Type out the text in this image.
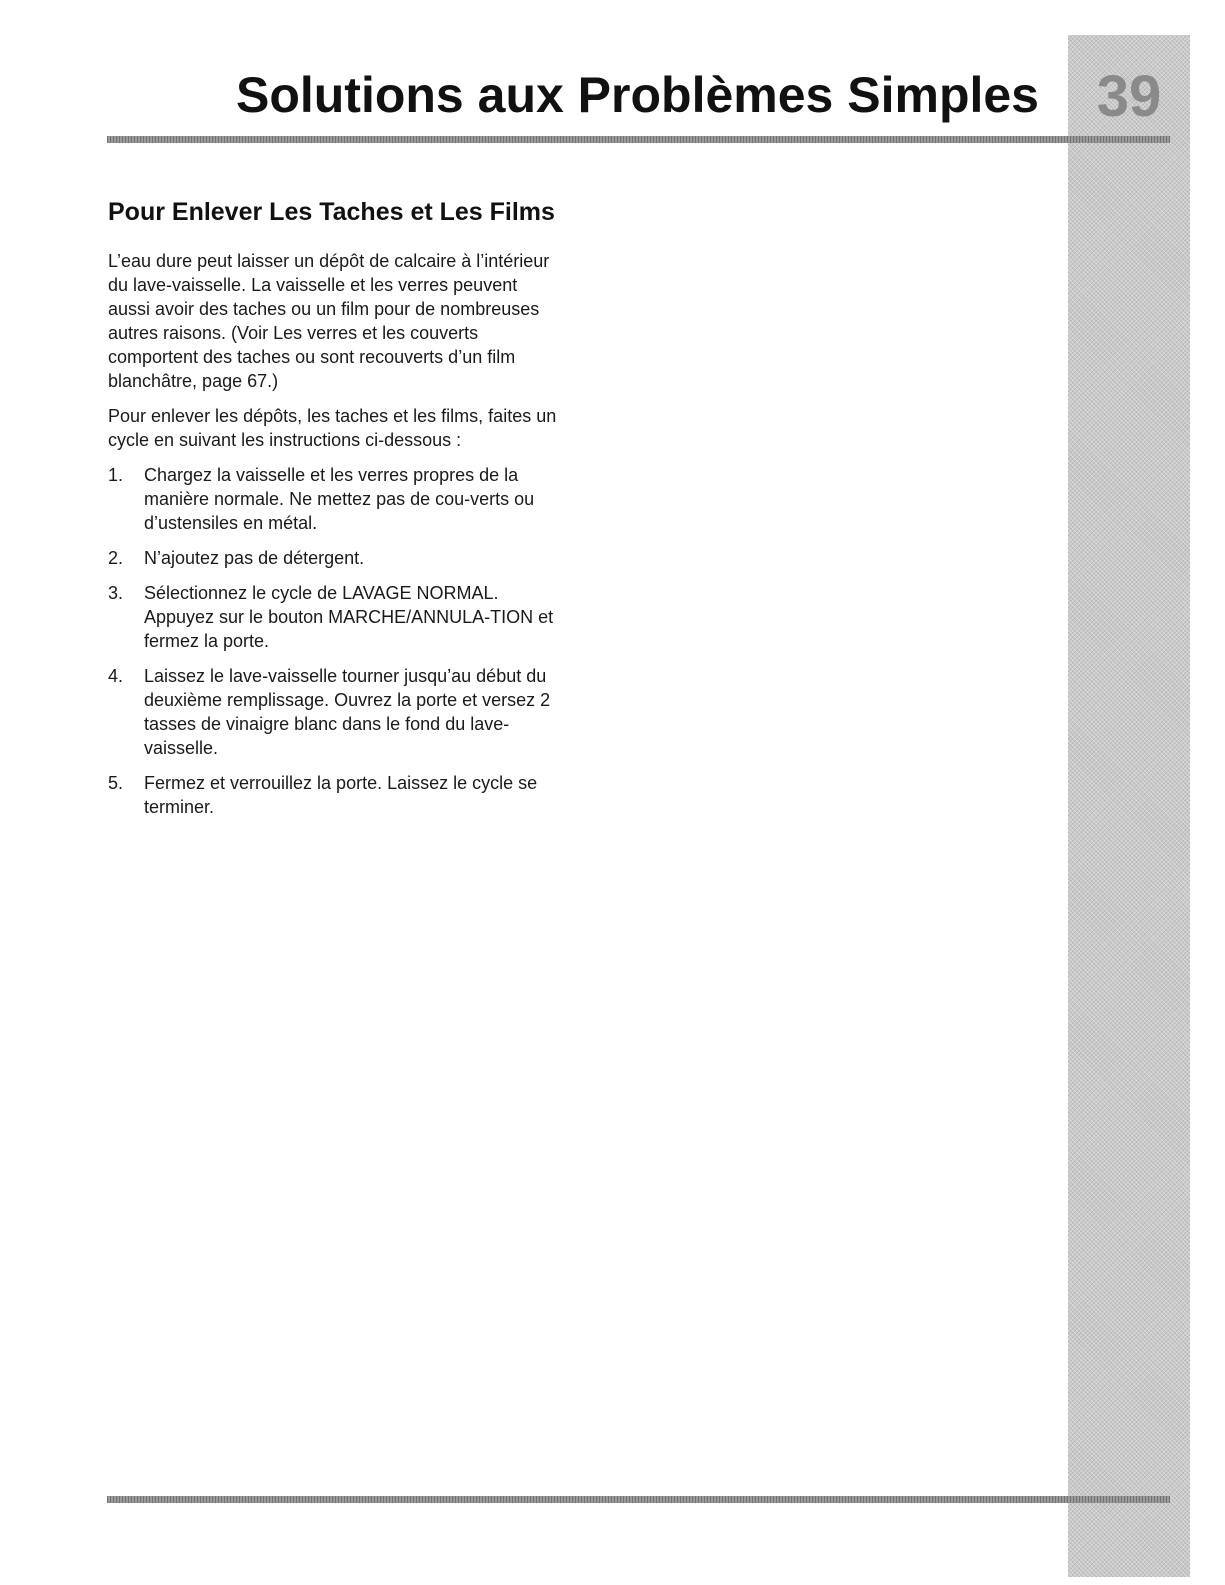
39
Solutions aux Problèmes Simples
Pour Enlever Les Taches et Les Films

L’eau dure peut laisser un dépôt de calcaire à l’intérieur du lave-vaisselle. La vaisselle et les verres peuvent aussi avoir des taches ou un film pour de nombreuses autres raisons. (Voir Les verres et les couverts comportent des taches ou sont recouverts d’un film blanchâtre, page 67.)

Pour enlever les dépôts, les taches et les films, faites un cycle en suivant les instructions ci-dessous :

1. Chargez la vaisselle et les verres propres de la manière normale. Ne mettez pas de cou-verts ou d’ustensiles en métal.
2. N’ajoutez pas de détergent.
3. Sélectionnez le cycle de LAVAGE NORMAL. Appuyez sur le bouton MARCHE/ANNULA-TION et fermez la porte.
4. Laissez le lave-vaisselle tourner jusqu’au début du deuxième remplissage. Ouvrez la porte et versez 2 tasses de vinaigre blanc dans le fond du lave-vaisselle.
5. Fermez et verrouillez la porte. Laissez le cycle se terminer.
